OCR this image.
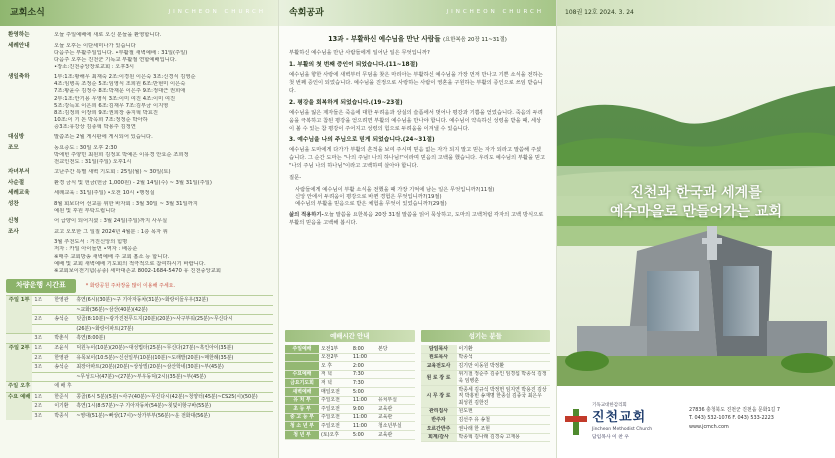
교회소식	JINCHEON CHURCH
환영하는	오늘 주일예배에 새로 오신 분들을 환영합니다.
세례안내	오늘 오후는 이단세미나가 있습니다
다음주는 부활주일입니다. •부활절 새벽예배 : 31일(주일)
다음주 오후는 진천군 기독교 부활절 연합예배입니다.
•장소:진천중앙장로교회 : 오후3시
생일축하	1부:1조:황해우 최재숙 2조:이경원 이은숙 3조:신경식 김영순
4조:임병욱 조정순 5조:임영식 조희원 6조:반현미 이은숙
7조:황윤수 김정수 8조:박재운 이은주 9조:정대근 권희애
2부:1조:안기용 우영식 3조:이미 여진 4조:이미 여진
5조:강득호 이은희 6조:김재우 7조:김부금 이지영
8조:김정희 이장희 9조:권희장 송지혁 박효진
10조:이 기 돈 박옥희 7조:정정순 박아하
증3조:유강상 김종혁 박용주 김정연
대심방	말씀조는 2월 게시판에 게시되어 있습니다.
조모	동요증도 : 30일 오후 2:30
박에빈 주양민 최원희 김정호 박예은 이유경 안요순 조희정
전교인전도 : 31일(주일) 오후1시
자녀부서	고난주간 특별 새벽 기도회 : 25일(월) ~ 30일(토)
사순절	환경 금식 및 헌금(헌금 1,000원) - 2월 14일(수) ~ 3월 31일(주일)
세례교육	세례교육 : 31일(주일) •오전 10시 •행정실
성찬	8월 회보다어 선교를 위한 바자회 : 3월 30일 ~ 3월 31일까지
예원 및 후원 부탁드립니다
신청	어 급양이 되어지셨 : 3월 24일(주일)까지 사무실
조사	교고 오모한 그 일질 2024년 4월분 : 1층 목자 위
3월 추천도서 : 거진신앙의 힘명
저자 : 카일 아이들먼 •역자 : 배응준
※매주 교회방송 새벽예배 주 교회 홈소 등 합니다.
예배 및 교회 새벽예배 기도회의 적극적으로 참여하시기 바랍니다.
※교회보이전기념(공종) 세마대손교 8002-1684-5470 유 진천중앙교회
차량운행 시간표	* 화랑공원 주차장을 많이 이용해 주세요.
주일 1부	1조	한영관	휴연(6시)(30분)~구 기아자동차(31분)~화랑이들우우(32분)
			~교화(36분)~삼산(40분)(42분)
	2조	송석순	덧골(8:10분)~광가진천푸드지(20분)(20분)~사구부워(25분)~무신다시
			(26분)~화랑이파트(27분)
	3조	박춘식	흑연(8:00분)
주일 2부	1조	조윤식	덕원누이(10분)(20분)~대성법타(25분)~무신다(27분)~흑인아이(35분)
	2조	한영관	유목보이(10:5분)~신선일부(10분)(10분)~도래발(20분)~매한례(35분)
	3조	송석순	최장아파트(20분)(20분)~상상빌(20분)~삼산학네(30분)~부(45분)
			~무성드나(47분)~(27분)~부우동덕(2시)(35분)~부(45분)
주일 오후		에 배 후	
수요 예배	1조	한준식	콩골(6시 5분)(5분)~사구(40분)~무신다시(42분)~청양터(45분)~CS25(시)(50분)
	2조	이기환	흑연(1시(8:57분)~구 기아자동차(54분)~칫덫이항구바(55분)
	3조	박종식	~영대(51분)~빠상(17시)~상가부부(56분)~운 전화대(56분)
속회공과	JINCHEON CHURCH
13과 - 부활하신 예수님을 만난 사람들 (요한복음 20장 11~31절)

부활하신 예수님을 만난 사람들에게 일어난 일은 무엇입니까?

1. 부활의 첫 번째 증인이 되었습니다.(11~18절)

예수님을 향한 사랑에 새벽부터 무덤을 찾은 마리아는 부활하신 예수님을 가장 먼저 만나고 기쁜 소식을 전하는 첫 번째 증인이 되었습니다. 예수님을 진정으로 사랑하는 사람이 영혼을 구원하는 부활의 증인으로 쓰임 받습니다.

2. 평강을 회복하게 되었습니다.(19~23절)

예수님을 잃은 제자들은 죽음에 대한 두려움과 상실의 슬픔에서 벗어나 평강과 기쁨을 얻었습니다. 죽음의 두려움을 극복하고 참된 평강을 얻으려면 부활의 예수님을 만나야 합니다. 예수님이 약속하신 성령을 받을 때, 세상이 볼 수 있는 참 평강이 주어지고 성령의 힘으로 두려움을 이겨낼 수 있습니다.

3. 예수님을 나의 주님으로 믿게 되었습니다.(24~31절)

예수님을 도마에게 다가가 부활의 흔적을 보여 주시며 믿음 없는 자가 되지 말고 믿는 자가 되라고 말씀해 주셨습니다. 그 순간 도마는 "나의 주님! 나의 하나님!"이라며 믿음의 고백을 했습니다. 우리도 예수님의 부활을 믿고 "나의 주님 나의 하나님"이라고 고백하며 살아야 합니다.

질문-

사람들에게 예수님이 부활 소식을 전했을 때 가장 기억에 남는 일은 무엇입니까?(11절)
신앙 안에서 두려움이 평강으로 바뀐 경험은 무엇입니까?(19절)
예수님의 부활을 믿음으로 받은 체험을 무엇이 있었습니까?(29절)

삶의 적용하기-오늘 말씀을 요한복음 20장 31절 말씀을 읽어 묵상하고, 도마의 고백처럼 각자의 고백 방식으로 부활의 믿음을 고백해 봅시다.

예배시간 안내
주일예배	오전1부	8:00	본당
	오전2부	11:00	
	오 후	2:00	
수요예배	저 녁	7:30	
금요기도회	저 녁	7:30	
새벽예배	매일오전	5:00	
유 치 부	주일오전	11:00	유치부실
초 등 부	주일오전	9:00	교육관
중 고 등 부	주일오전	11:00	교육관
청 소 년 부	주일오전	11:00	청소년부실
청 년 부	(토)오후	5:00	교육관
섬기는 분들
담임목사	이기환
원로목사	박종석
교육전도사	김기만 이동원 박정환
원 로 장 로	위기철 정순주 김종인 임경섭 박종석 김정욱 임병훈
시 무 장 로	박종세 김규석 박정헌 임지연 박용진 김상직 박홍빈 송재명 한종실 김종국 최은우 최성원 김한진
관리집사	원도현
반주자	김선주 유 송철
오르간반주	권나래 한 조현
회계/감사	박종혁 김나래 김경숙 고재용
108권 12호 2024. 3. 24
진천과 한국과 세계를
예수마을로 만들어가는 교회
기독교대한감리회
진천교회
Jincheon Methodist Church
담임목사 이 찬 우
27836 충청북도 진천군 진천읍 문화1길 7
T. 043) 532-1076 F. 043) 533-2223
www.jcmch.com
